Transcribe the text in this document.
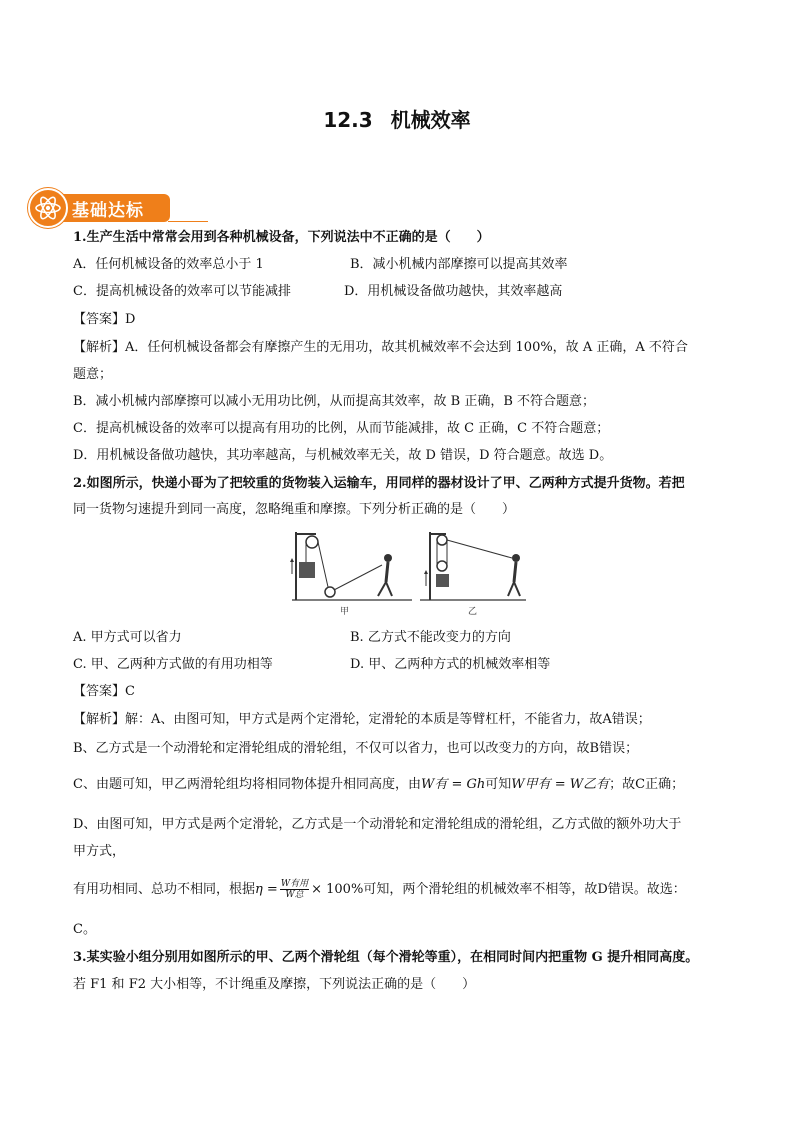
12.3 机械效率
基础达标
1.生产生活中常常会用到各种机械设备，下列说法中不正确的是（　　）
A．任何机械设备的效率总小于 1	B．减小机械内部摩擦可以提高其效率
C．提高机械设备的效率可以节能减排	D．用机械设备做功越快，其效率越高
【答案】D
【解析】A．任何机械设备都会有摩擦产生的无用功，故其机械效率不会达到 100%，故 A 正确，A 不符合
题意；
B．减小机械内部摩擦可以减小无用功比例，从而提高其效率，故 B 正确，B 不符合题意；
C．提高机械设备的效率可以提高有用功的比例，从而节能减排，故 C 正确，C 不符合题意；
D．用机械设备做功越快，其功率越高，与机械效率无关，故 D 错误，D 符合题意。故选 D。
2.如图所示，快递小哥为了把较重的货物装入运输车，用同样的器材设计了甲、乙两种方式提升货物。若把
同一货物匀速提升到同一高度，忽略绳重和摩擦。下列分析正确的是（　　）
甲	乙
A. 甲方式可以省力	B. 乙方式不能改变力的方向
C. 甲、乙两种方式做的有用功相等	D. 甲、乙两种方式的机械效率相等
【答案】C
【解析】解：A、由图可知，甲方式是两个定滑轮，定滑轮的本质是等臂杠杆，不能省力，故A错误；
B、乙方式是一个动滑轮和定滑轮组成的滑轮组，不仅可以省力，也可以改变力的方向，故B错误；
C、由题可知，甲乙两滑轮组均将相同物体提升相同高度，由W有 = Gh可知W甲有 = W乙有；故C正确；
D、由图可知，甲方式是两个定滑轮，乙方式是一个动滑轮和定滑轮组成的滑轮组，乙方式做的额外功大于
甲方式，
有用功相同、总功不相同，根据$\eta = \frac{\text{W有用}}{\text{W总}} \times 100\%$可知，两个滑轮组的机械效率不相等，故D错误。故选：
C。
3.某实验小组分别用如图所示的甲、乙两个滑轮组（每个滑轮等重），在相同时间内把重物 G 提升相同高度。
若 F1 和 F2 大小相等，不计绳重及摩擦，下列说法正确的是（　　）
